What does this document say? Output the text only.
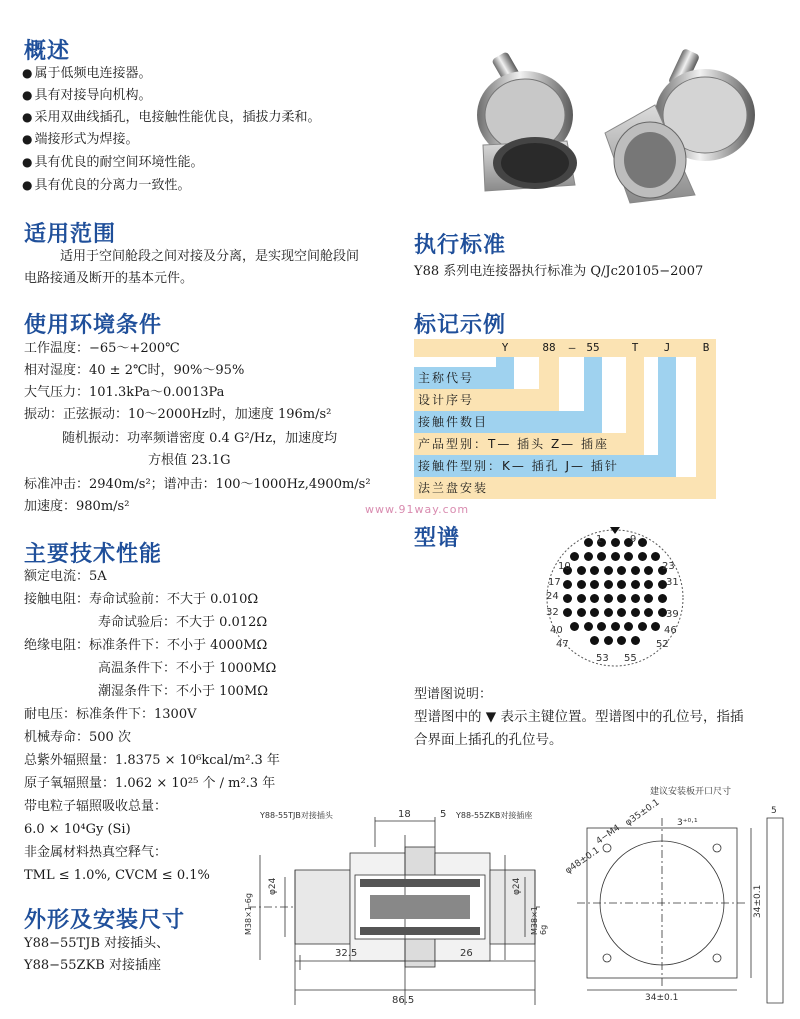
概述
● 属于低频电连接器。
● 具有对接导向机构。
● 采用双曲线插孔，电接触性能优良，插拔力柔和。
● 端接形式为焊接。
● 具有优良的耐空间环境性能。
● 具有优良的分离力一致性。
适用范围
适用于空间舱段之间对接及分离，是实现空间舱段间
电路接通及断开的基本元件。
执行标准
Y88 系列电连接器执行标准为 Q/Jc20105−2007
使用环境条件
工作温度：−65～+200℃
相对湿度：40 ± 2℃时，90%～95%
大气压力：101.3kPa～0.0013Pa
振动：正弦振动：10～2000Hz时，加速度 196m/s²
随机振动：功率频谱密度 0.4 G²/Hz，加速度均
方根值 23.1G
标准冲击：2940m/s²；谱冲击：100～1000Hz,4900m/s²
加速度：980m/s²
标记示例
Y	88	—	55	T	J	B
主称代号
设计序号
接触件数目
产品型别：T— 插头 Z— 插座
接触件型别：K— 插孔 J— 插针
法兰盘安装
www.91way.com
型谱	1	9
10
17
23
24
31
32	39
40	46
47	52
53 55
型谱图说明：
型谱图中的 ▼ 表示主键位置。型谱图中的孔位号，指插
合界面上插孔的孔位号。
主要技术性能
额定电流：5A
接触电阻：寿命试验前：不大于 0.010Ω
寿命试验后：不大于 0.012Ω
绝缘电阻：标准条件下：不小于 4000MΩ
高温条件下：不小于 1000MΩ
潮湿条件下：不小于 100MΩ
耐电压：标准条件下：1300V
机械寿命：500 次
总紫外辐照量：1.8375 × 10⁶kcal/m².3 年
原子氧辐照量：1.062 × 10²⁵ 个 / m².3 年
带电粒子辐照吸收总量：
6.0 × 10⁴Gy (Si)
非金属材料热真空释气：
TML ≤ 1.0%, CVCM ≤ 0.1%
外形及安装尺寸
Y88−55TJB 对接插头、
Y88−55ZKB 对接插座
Y88-55TJB对接插头	Y88-55ZKB对接插座
18	5
32.5	26
86.5
φ24	φ24
M38×1-6g	M38×1-6g
建议安装板开口尺寸
4−M4
φ48±0.1
φ35±0.1 3⁺⁰·¹
34±0.1
34±0.1
5
